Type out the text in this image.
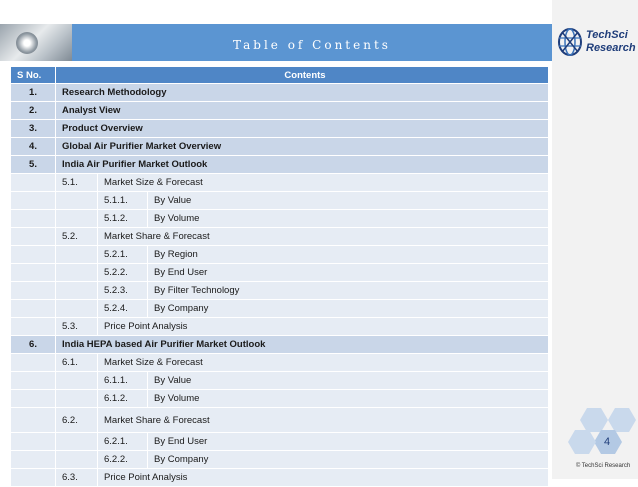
Table of Contents
TechSci
Research
S No.	Contents		
1.	Research Methodology		
2.	Analyst View		
3.	Product Overview		
4.	Global Air Purifier Market Overview		
5.	India Air Purifier Market Outlook		
	5.1.	Market Size & Forecast	
		5.1.1.	By Value
		5.1.2.	By Volume
	5.2.	Market Share & Forecast	
		5.2.1.	By Region
		5.2.2.	By End User
		5.2.3.	By Filter Technology
		5.2.4.	By Company
	5.3.	Price Point Analysis	
6.	India HEPA based Air Purifier Market Outlook		
	6.1.	Market Size & Forecast	
		6.1.1.	By Value
		6.1.2.	By Volume
	6.2.	Market Share & Forecast	
		6.2.1.	By End User
		6.2.2.	By Company
	6.3.	Price Point Analysis	
4
© TechSci Research
